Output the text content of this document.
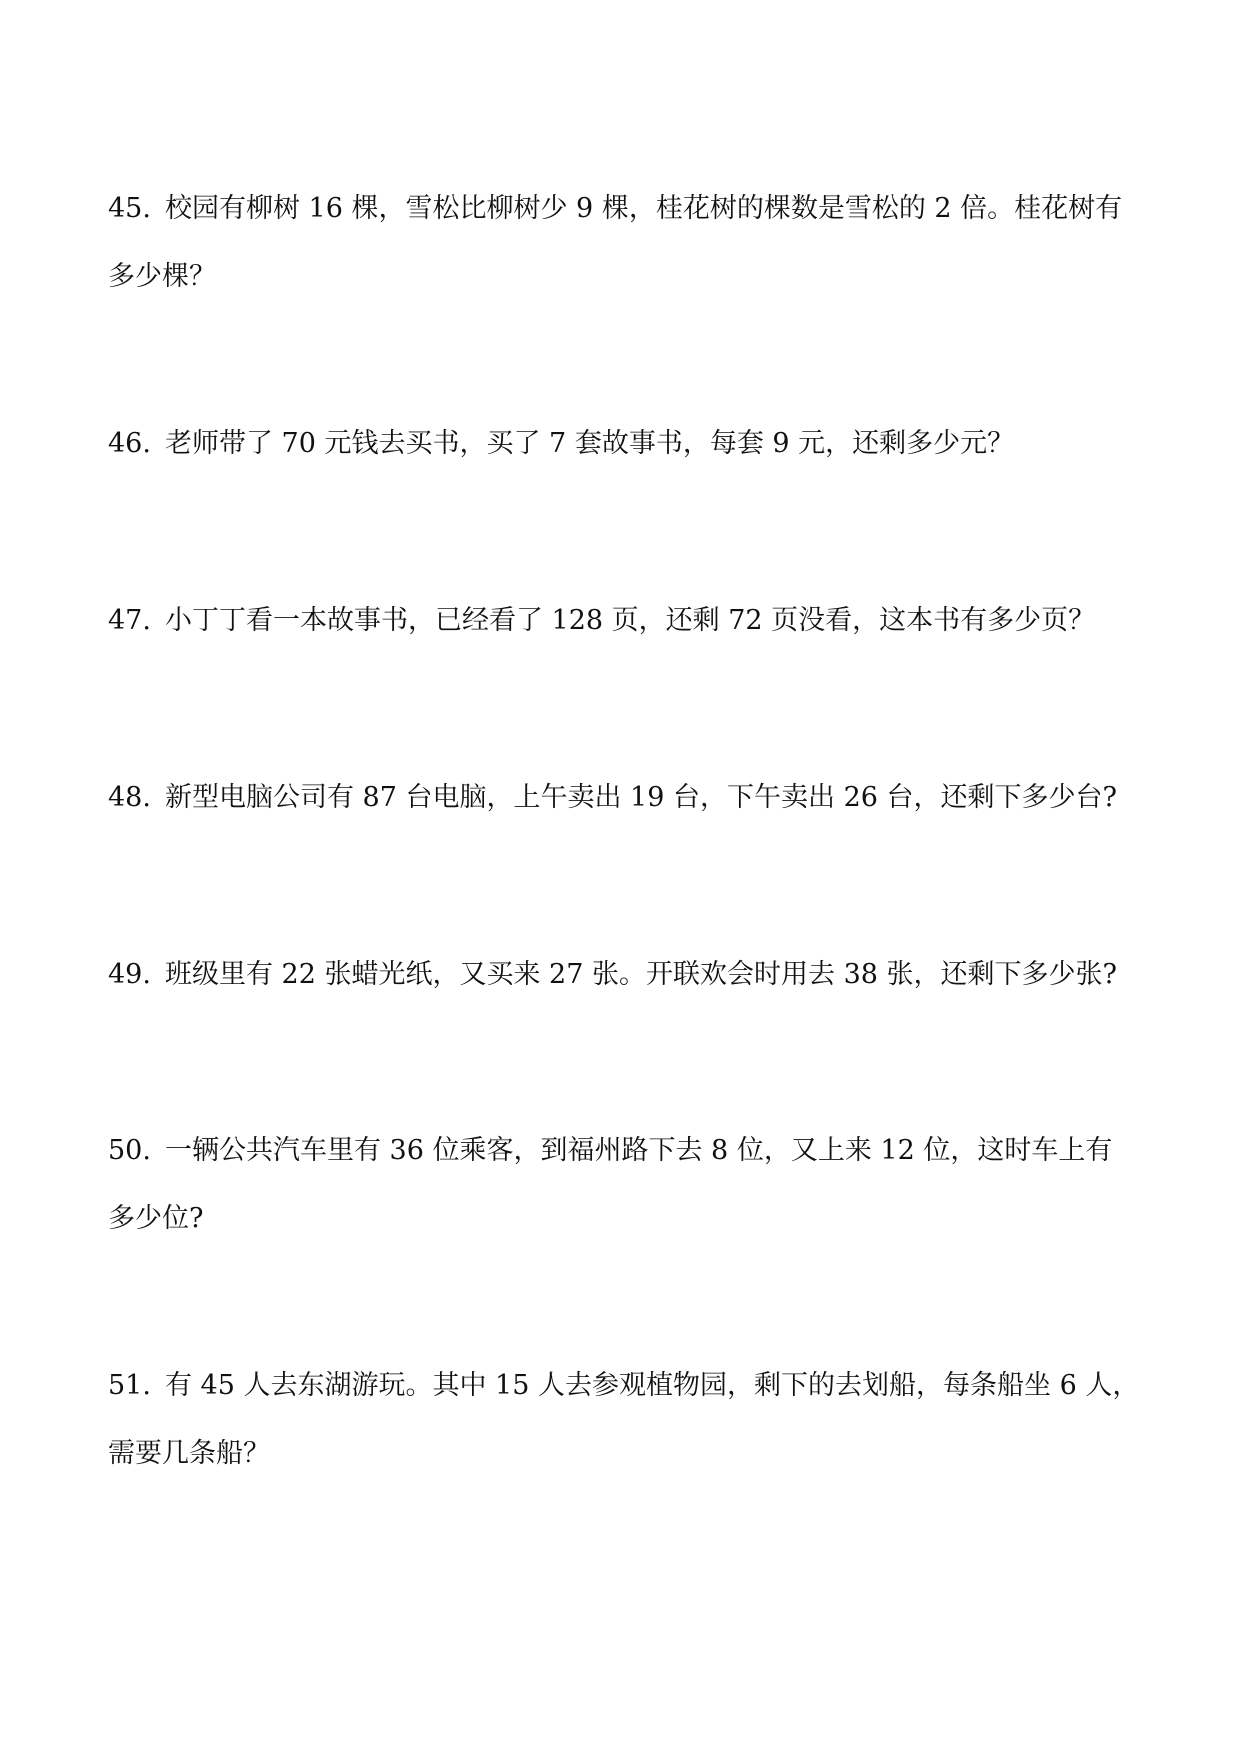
45. 校园有柳树 16 棵，雪松比柳树少 9 棵，桂花树的棵数是雪松的 2 倍。桂花树有
多少棵？
46. 老师带了 70 元钱去买书，买了 7 套故事书，每套 9 元，还剩多少元？
47. 小丁丁看一本故事书，已经看了 128 页，还剩 72 页没看，这本书有多少页？
48. 新型电脑公司有 87 台电脑，上午卖出 19 台，下午卖出 26 台，还剩下多少台?
49. 班级里有 22 张蜡光纸，又买来 27 张。开联欢会时用去 38 张，还剩下多少张?
50. 一辆公共汽车里有 36 位乘客，到福州路下去 8 位，又上来 12 位，这时车上有
多少位?
51. 有 45 人去东湖游玩。其中 15 人去参观植物园，剩下的去划船，每条船坐 6 人，
需要几条船？
